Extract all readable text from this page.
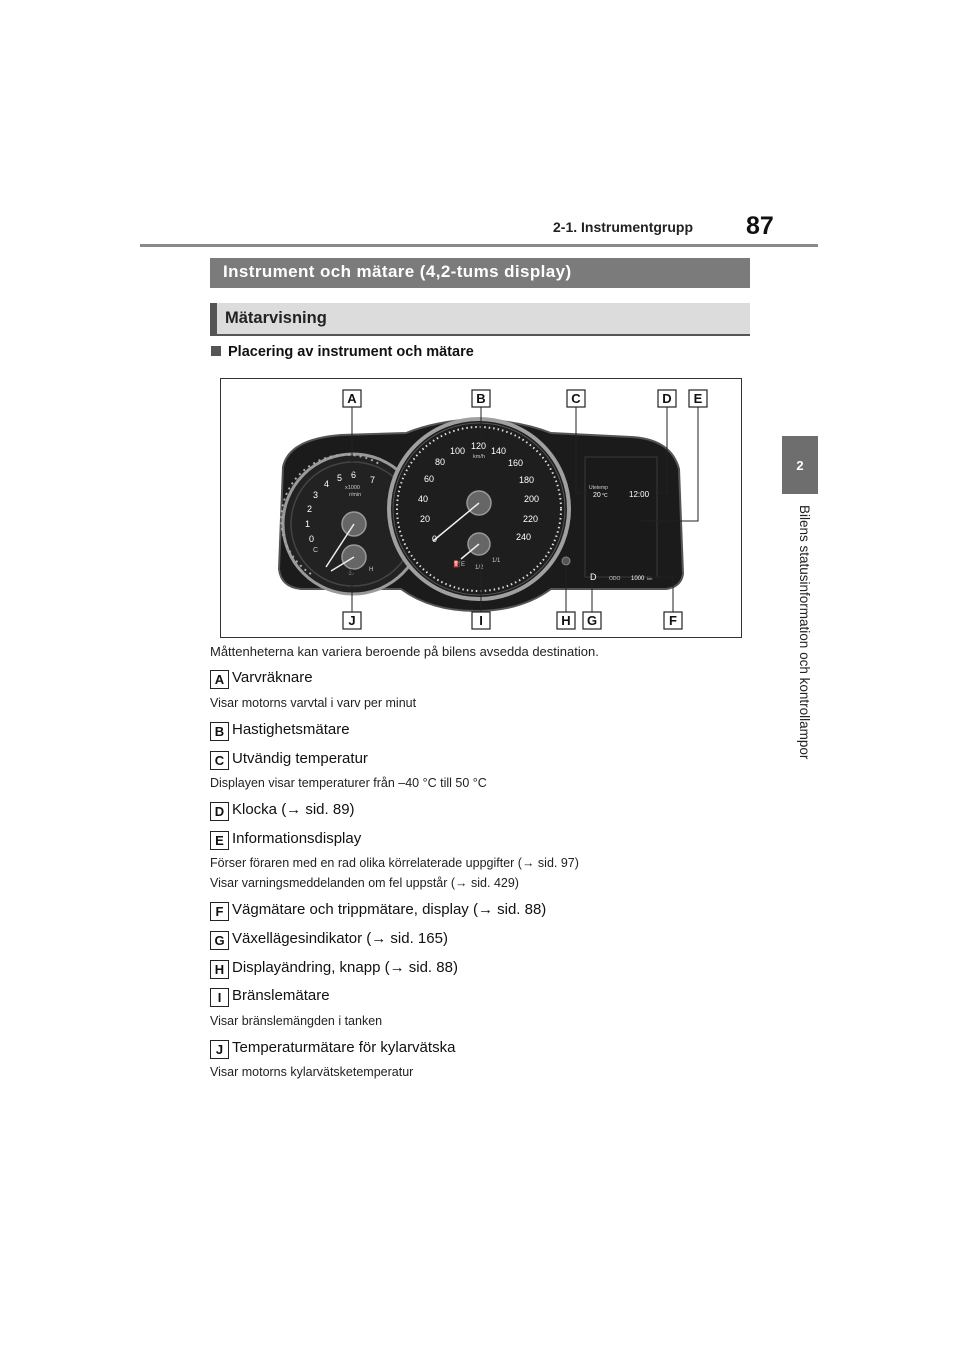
2-1. Instrumentgrupp 87
2
Bilens statusinformation och kontrollampor
Instrument och mätare (4,2-tums display)
Mätarvisning
Placering av instrument och mätare
0
1
2
3
4
5 6 7
x1000
r/min
C
H
♨
0
20
40
60
80
100 120 140
160
180
200
220
240
km/h
⛽ E 1/2
1/1
Utetemp
20 °C	12:00
D	ODO 1000 km
A	B	C	D E
J	I	H G	F
Måttenheterna kan variera beroende på bilens avsedda destination.
A Varvräknare
Visar motorns varvtal i varv per minut
B Hastighetsmätare
C Utvändig temperatur
Displayen visar temperaturer från –40 °C till 50 °C
D Klocka (→ sid. 89)
E Informationsdisplay
Förser föraren med en rad olika körrelaterade uppgifter (→ sid. 97)
Visar varningsmeddelanden om fel uppstår (→ sid. 429)
F Vägmätare och trippmätare, display (→ sid. 88)
G Växellägesindikator (→ sid. 165)
H Displayändring, knapp (→ sid. 88)
I Bränslemätare
Visar bränslemängden i tanken
J Temperaturmätare för kylarvätska
Visar motorns kylarvätsketemperatur
